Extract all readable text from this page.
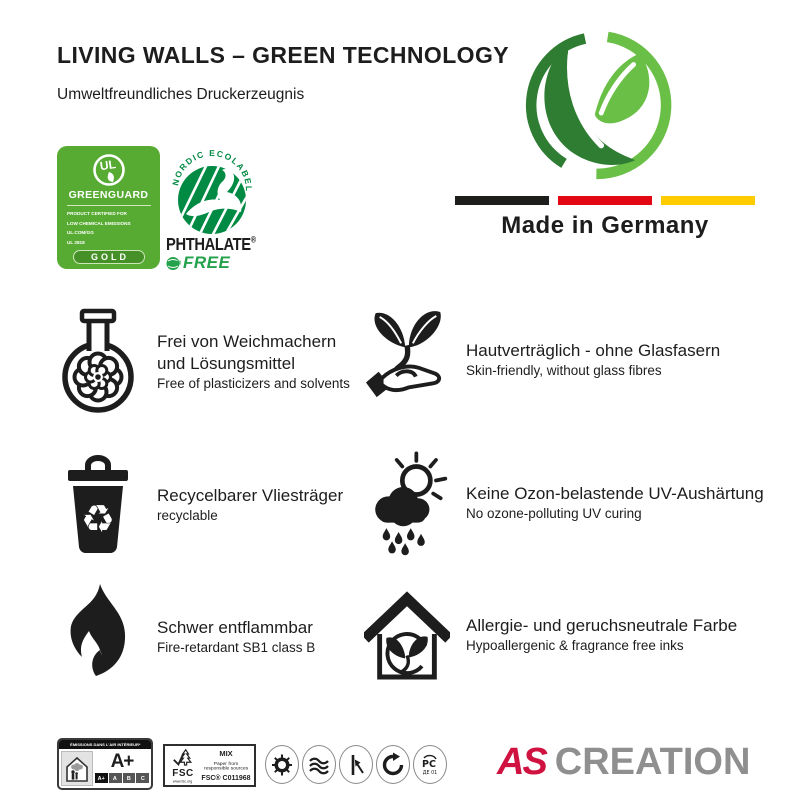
LIVING WALLS – GREEN TECHNOLOGY
Umweltfreundliches Druckerzeugnis
Made in Germany
UL
GREENGUARD
PRODUCT CERTIFIED FOR
LOW CHEMICAL EMISSIONS
UL.COM/GG
UL 2818
GOLD
NORDIC ECOLABEL
PHTHALATE®
FREE
Frei von Weichmachern und Lösungsmittel
Free of plasticizers and solvents
Hautverträglich - ohne Glasfasern
Skin-friendly, without glass fibres
♻
Recycelbarer Vliesträger
recyclable
Keine Ozon-belastende UV-Aushärtung
No ozone-polluting UV curing
Schwer entflammbar
Fire-retardant SB1 class B
Allergie- und geruchsneutrale Farbe
Hypoallergenic & fragrance free inks
ÉMISSIONS DANS L'AIR INTÉRIEUR*
A+
A+ A B C	FSC
www.fsc.org
MIX
Paper from responsible sources
FSC® C011968
РС
ДЕ 01 AS CREATION
